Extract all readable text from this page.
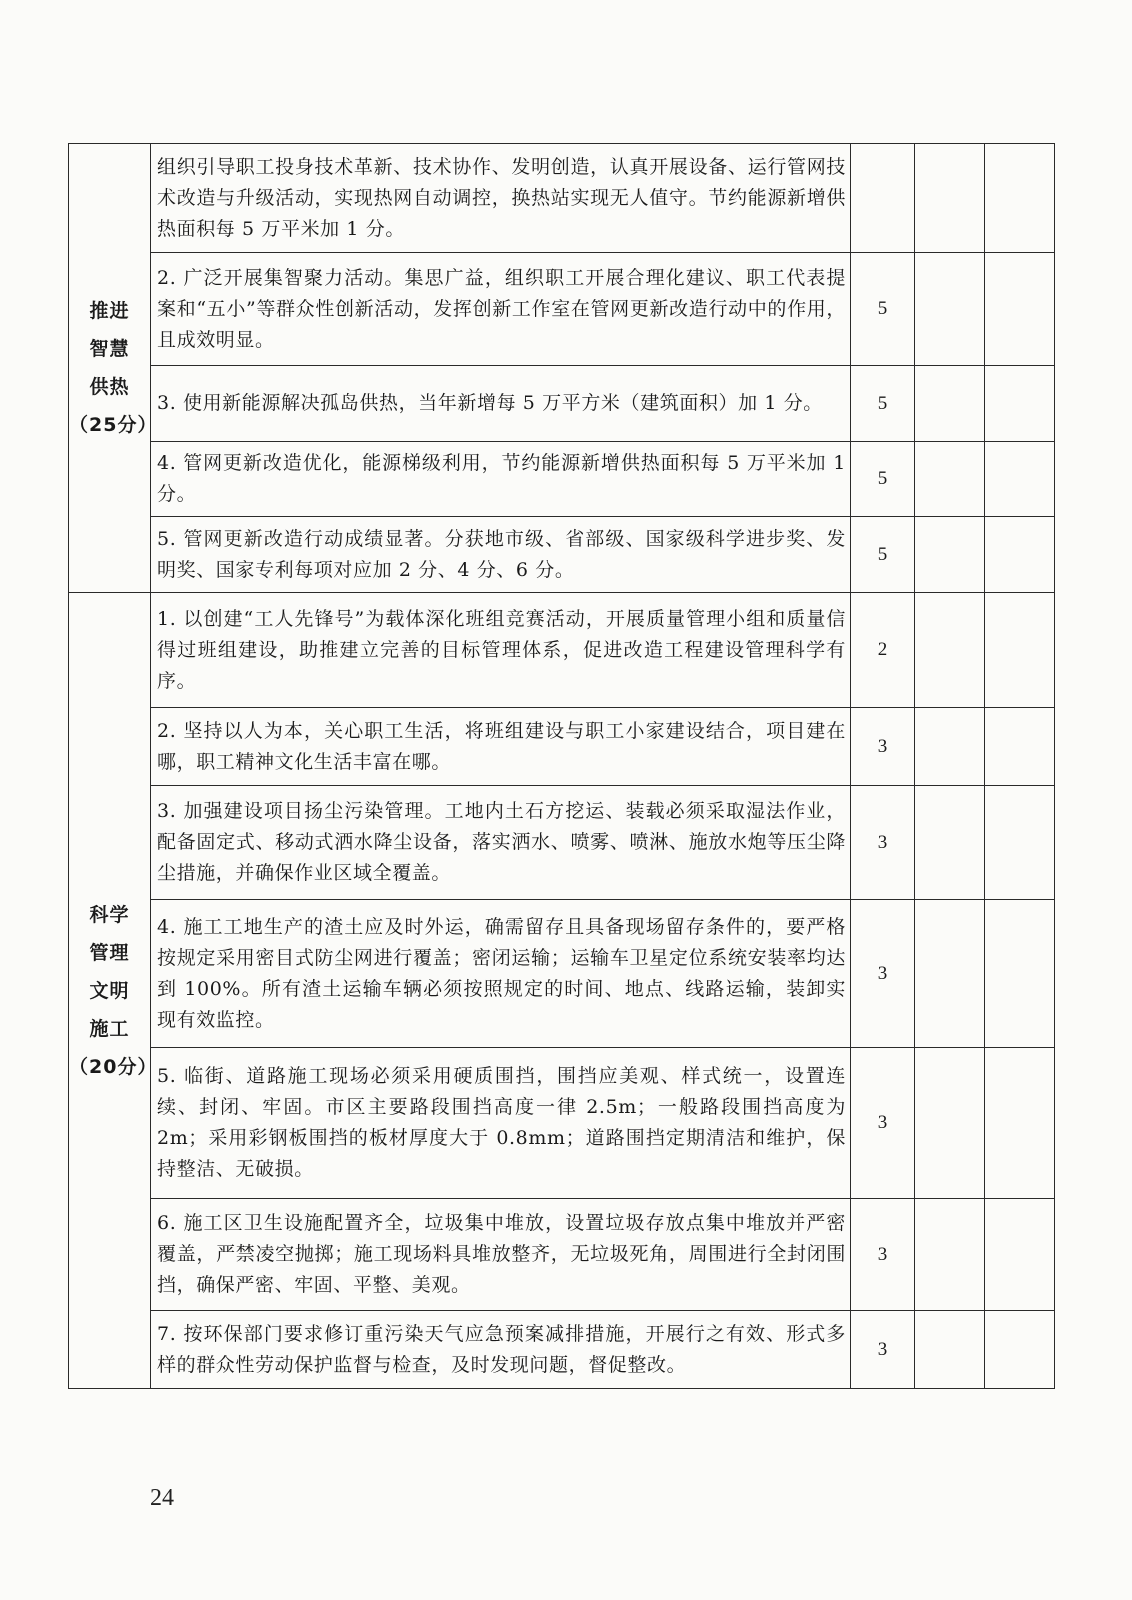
推进
智慧
供热
（25分）	组织引导职工投身技术革新、技术协作、发明创造，认真开展设备、运行管网技术改造与升级活动，实现热网自动调控，换热站实现无人值守。节约能源新增供热面积每 5 万平米加 1 分。			
	2. 广泛开展集智聚力活动。集思广益，组织职工开展合理化建议、职工代表提案和“五小”等群众性创新活动，发挥创新工作室在管网更新改造行动中的作用，且成效明显。	5		
	3. 使用新能源解决孤岛供热，当年新增每 5 万平方米（建筑面积）加 1 分。	5		
	4. 管网更新改造优化，能源梯级利用，节约能源新增供热面积每 5 万平米加 1 分。	5		
	5. 管网更新改造行动成绩显著。分获地市级、省部级、国家级科学进步奖、发明奖、国家专利每项对应加 2 分、4 分、6 分。	5		

科学
管理
文明
施工
（20分）	1. 以创建“工人先锋号”为载体深化班组竞赛活动，开展质量管理小组和质量信得过班组建设，助推建立完善的目标管理体系，促进改造工程建设管理科学有序。	2		
	2. 坚持以人为本，关心职工生活，将班组建设与职工小家建设结合，项目建在哪，职工精神文化生活丰富在哪。	3		
	3. 加强建设项目扬尘污染管理。工地内土石方挖运、装载必须采取湿法作业，配备固定式、移动式洒水降尘设备，落实洒水、喷雾、喷淋、施放水炮等压尘降尘措施，并确保作业区域全覆盖。	3		
	4. 施工工地生产的渣土应及时外运，确需留存且具备现场留存条件的，要严格按规定采用密目式防尘网进行覆盖；密闭运输；运输车卫星定位系统安装率均达到 100%。所有渣土运输车辆必须按照规定的时间、地点、线路运输，装卸实现有效监控。	3		
	5. 临街、道路施工现场必须采用硬质围挡，围挡应美观、样式统一，设置连续、封闭、牢固。市区主要路段围挡高度一律 2.5m；一般路段围挡高度为 2m；采用彩钢板围挡的板材厚度大于 0.8mm；道路围挡定期清洁和维护，保持整洁、无破损。	3		
	6. 施工区卫生设施配置齐全，垃圾集中堆放，设置垃圾存放点集中堆放并严密覆盖，严禁凌空抛掷；施工现场料具堆放整齐，无垃圾死角，周围进行全封闭围挡，确保严密、牢固、平整、美观。	3		
	7. 按环保部门要求修订重污染天气应急预案减排措施，开展行之有效、形式多样的群众性劳动保护监督与检查，及时发现问题，督促整改。	3		
24
